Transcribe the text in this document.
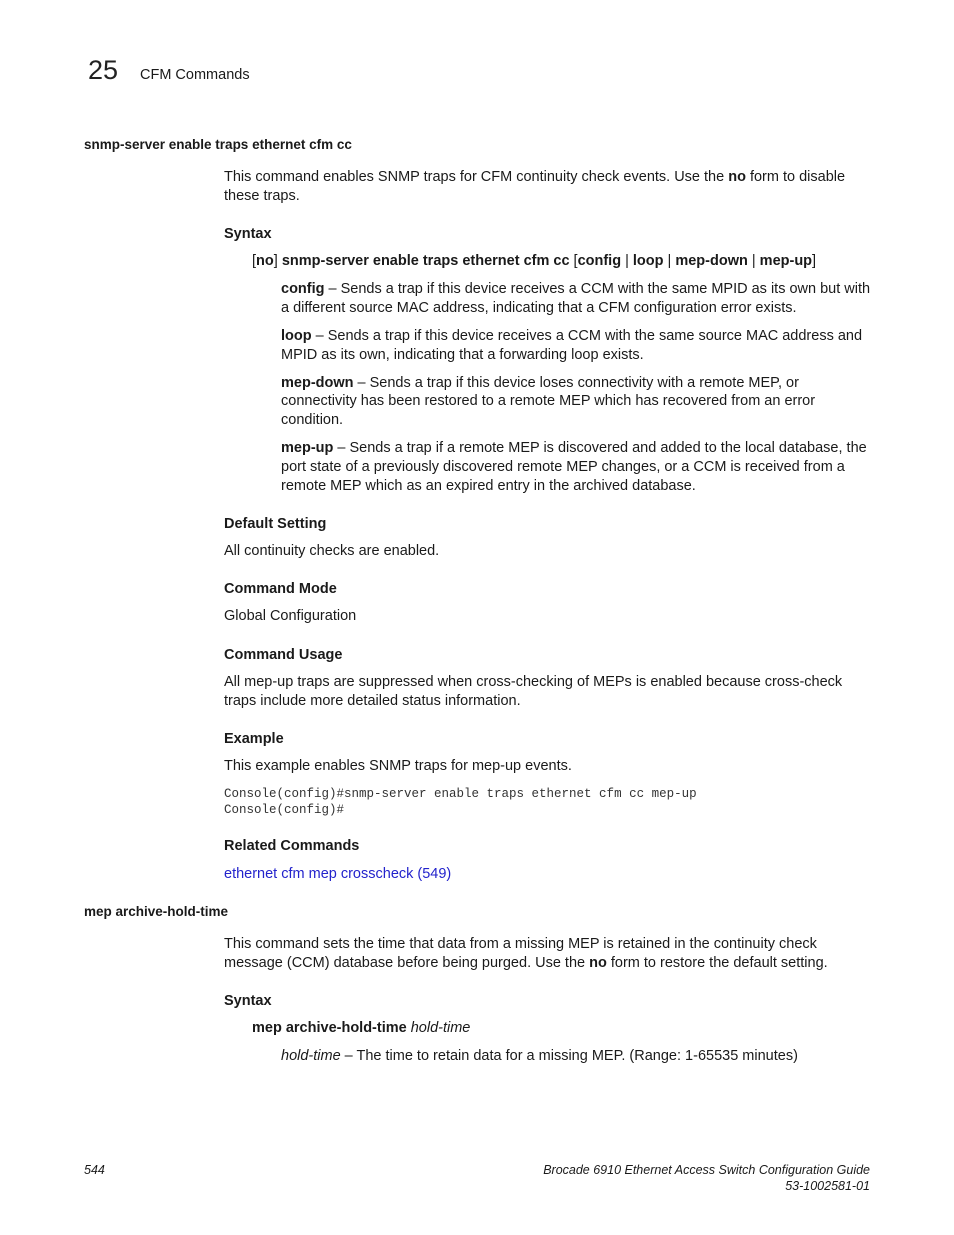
25 CFM Commands
snmp-server enable traps ethernet cfm cc
This command enables SNMP traps for CFM continuity check events. Use the no form to disable
these traps.
Syntax
[no] snmp-server enable traps ethernet cfm cc [config | loop | mep-down | mep-up]
config – Sends a trap if this device receives a CCM with the same MPID as its own but with
a different source MAC address, indicating that a CFM configuration error exists.
loop – Sends a trap if this device receives a CCM with the same source MAC address and
MPID as its own, indicating that a forwarding loop exists.
mep-down – Sends a trap if this device loses connectivity with a remote MEP, or
connectivity has been restored to a remote MEP which has recovered from an error
condition.
mep-up – Sends a trap if a remote MEP is discovered and added to the local database, the
port state of a previously discovered remote MEP changes, or a CCM is received from a
remote MEP which as an expired entry in the archived database.
Default Setting
All continuity checks are enabled.
Command Mode
Global Configuration
Command Usage
All mep-up traps are suppressed when cross-checking of MEPs is enabled because cross-check
traps include more detailed status information.
Example
This example enables SNMP traps for mep-up events.
Console(config)#snmp-server enable traps ethernet cfm cc mep-up
Console(config)#
Related Commands
ethernet cfm mep crosscheck (549)
mep archive-hold-time
This command sets the time that data from a missing MEP is retained in the continuity check
message (CCM) database before being purged. Use the no form to restore the default setting.
Syntax
mep archive-hold-time hold-time
hold-time – The time to retain data for a missing MEP. (Range: 1-65535 minutes)
544	Brocade 6910 Ethernet Access Switch Configuration Guide
53-1002581-01
